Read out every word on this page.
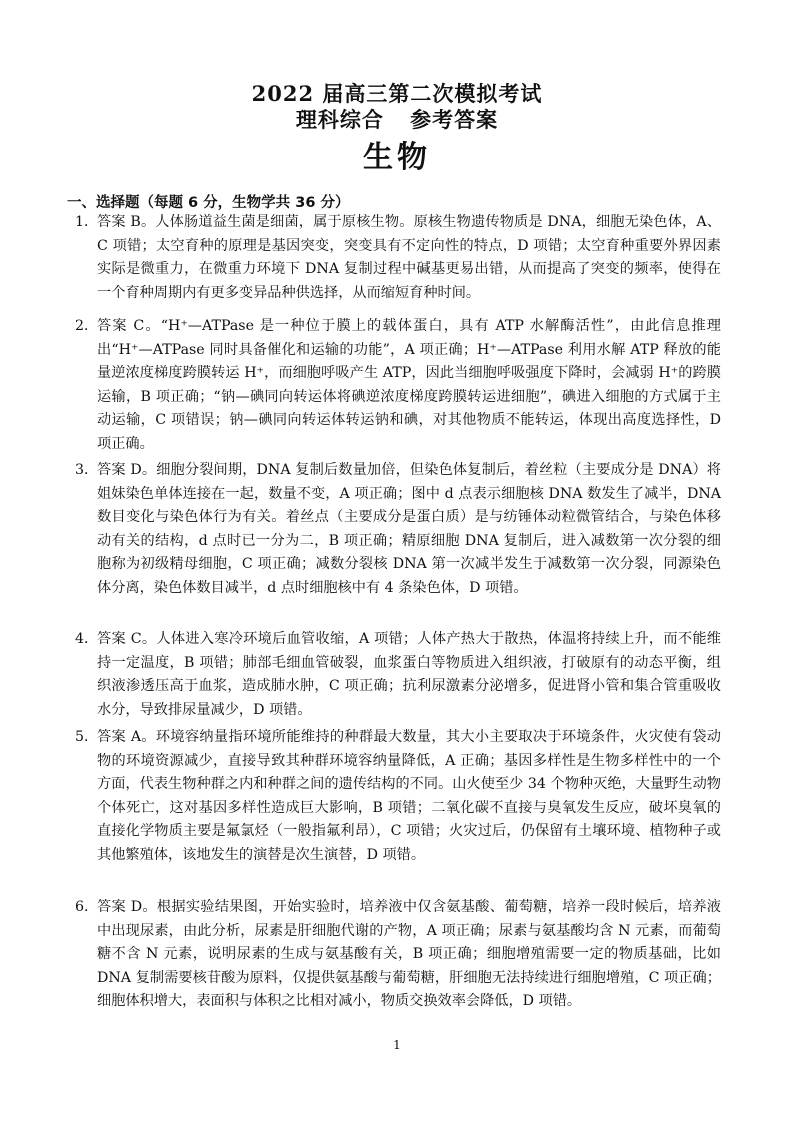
2022 届高三第二次模拟考试
理科综合 参考答案
生物
一、选择题（每题 6 分，生物学共 36 分）
1．
答案 B。人体肠道益生菌是细菌，属于原核生物。原核生物遗传物质是 DNA，细胞无染色体，A、C 项错；太空育种的原理是基因突变，突变具有不定向性的特点，D 项错；太空育种重要外界因素实际是微重力，在微重力环境下 DNA 复制过程中碱基更易出错，从而提高了突变的频率，使得在一个育种周期内有更多变异品种供选择，从而缩短育种时间。
2．
答案 C。“H⁺—ATPase 是一种位于膜上的载体蛋白，具有 ATP 水解酶活性”，由此信息推理出“H⁺—ATPase 同时具备催化和运输的功能”，A 项正确；H⁺—ATPase 利用水解 ATP 释放的能量逆浓度梯度跨膜转运 H⁺，而细胞呼吸产生 ATP，因此当细胞呼吸强度下降时，会减弱 H⁺的跨膜运输，B 项正确；“钠—碘同向转运体将碘逆浓度梯度跨膜转运进细胞”，碘进入细胞的方式属于主动运输，C 项错误；钠—碘同向转运体转运钠和碘，对其他物质不能转运，体现出高度选择性，D 项正确。
3．
答案 D。细胞分裂间期，DNA 复制后数量加倍，但染色体复制后，着丝粒（主要成分是 DNA）将姐妹染色单体连接在一起，数量不变，A 项正确；图中 d 点表示细胞核 DNA 数发生了减半，DNA 数目变化与染色体行为有关。着丝点（主要成分是蛋白质）是与纺锤体动粒微管结合，与染色体移动有关的结构，d 点时已一分为二，B 项正确；精原细胞 DNA 复制后，进入减数第一次分裂的细胞称为初级精母细胞，C 项正确；减数分裂核 DNA 第一次减半发生于减数第一次分裂，同源染色体分离，染色体数目减半，d 点时细胞核中有 4 条染色体，D 项错。
4．
答案 C。人体进入寒冷环境后血管收缩，A 项错；人体产热大于散热，体温将持续上升，而不能维持一定温度，B 项错；肺部毛细血管破裂，血浆蛋白等物质进入组织液，打破原有的动态平衡，组织液渗透压高于血浆，造成肺水肿，C 项正确；抗利尿激素分泌增多，促进肾小管和集合管重吸收水分，导致排尿量减少，D 项错。
5．
答案 A。环境容纳量指环境所能维持的种群最大数量，其大小主要取决于环境条件，火灾使有袋动物的环境资源减少，直接导致其种群环境容纳量降低，A 正确；基因多样性是生物多样性中的一个方面，代表生物种群之内和种群之间的遗传结构的不同。山火使至少 34 个物种灭绝，大量野生动物个体死亡，这对基因多样性造成巨大影响，B 项错；二氧化碳不直接与臭氧发生反应，破坏臭氧的直接化学物质主要是氟氯烃（一般指氟利昂），C 项错；火灾过后，仍保留有土壤环境、植物种子或其他繁殖体，该地发生的演替是次生演替，D 项错。
6．
答案 D。根据实验结果图，开始实验时，培养液中仅含氨基酸、葡萄糖，培养一段时候后，培养液中出现尿素，由此分析，尿素是肝细胞代谢的产物，A 项正确；尿素与氨基酸均含 N 元素，而葡萄糖不含 N 元素，说明尿素的生成与氨基酸有关，B 项正确；细胞增殖需要一定的物质基础，比如 DNA 复制需要核苷酸为原料，仅提供氨基酸与葡萄糖，肝细胞无法持续进行细胞增殖，C 项正确；细胞体积增大，表面积与体积之比相对减小，物质交换效率会降低，D 项错。
1
